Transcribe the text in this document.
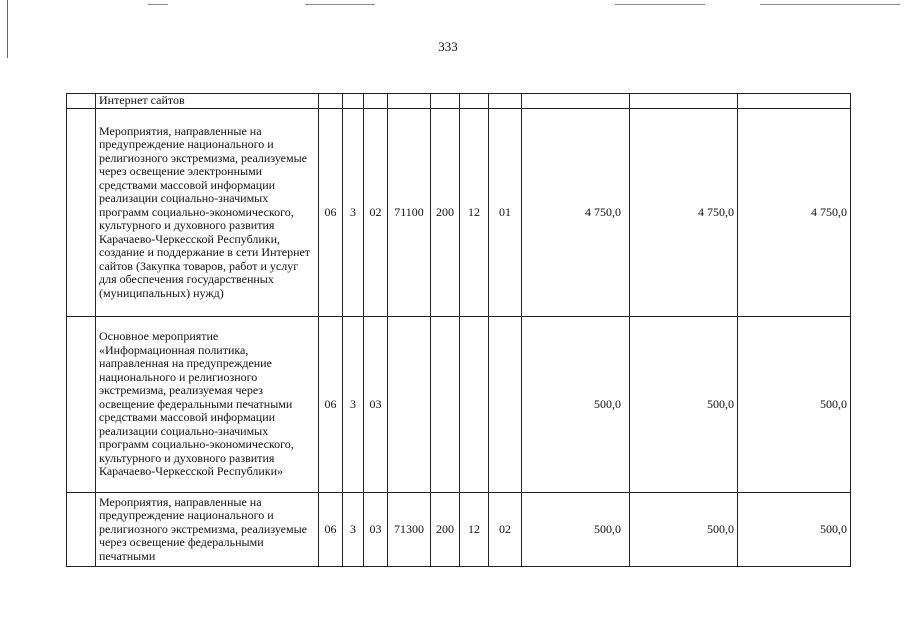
333
	Интернет сайтов										
	Мероприятия, направленные на предупреждение национального и религиозного экстремизма, реализуемые через освещение электронными средствами массовой информации реализации социально-значимых программ социально-экономического, культурного и духовного развития Карачаево-Черкесской Республики, создание и поддержание в сети Интернет сайтов (Закупка товаров, работ и услуг для обеспечения государственных (муниципальных) нужд)	06	3	02	71100	200	12	01	4 750,0	4 750,0	4 750,0
	Основное мероприятие «Информационная политика, направленная на предупреждение национального и религиозного экстремизма, реализуемая через освещение федеральными печатными средствами массовой информации реализации социально-значимых программ социально-экономического, культурного и духовного развития Карачаево-Черкесской Республики»	06	3	03					500,0	500,0	500,0
	Мероприятия, направленные на предупреждение национального и религиозного экстремизма, реализуемые через освещение федеральными печатными	06	3	03	71300	200	12	02	500,0	500,0	500,0
